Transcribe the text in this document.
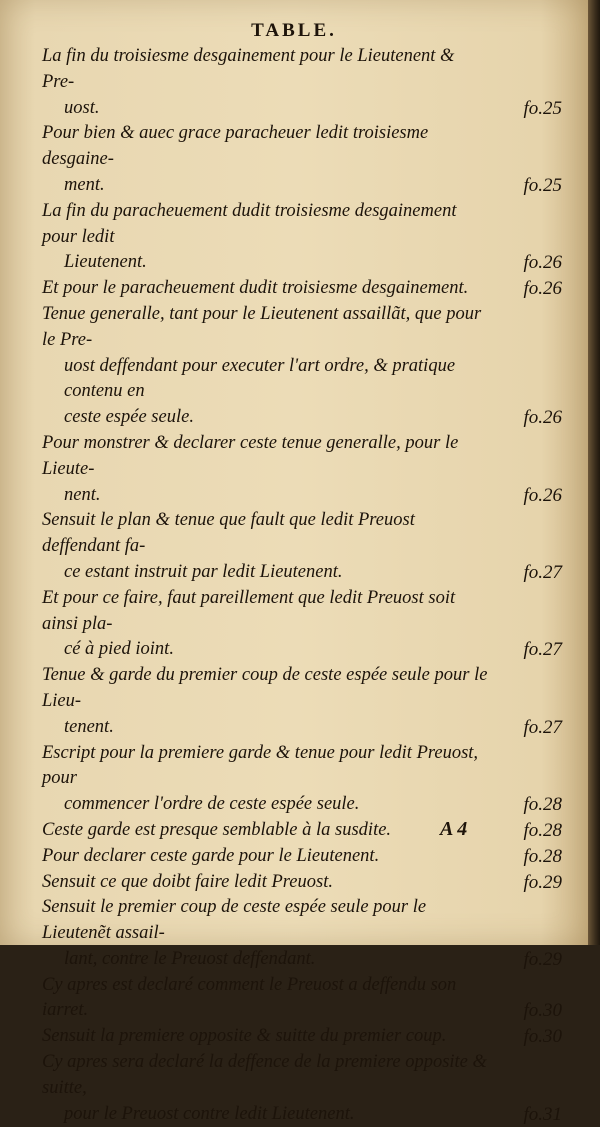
TABLE.
La fin du troisiesme desgainement pour le Lieutenent & Pre-
uost.	fo.25
Pour bien & auec grace paracheuer ledit troisiesme desgaine-
ment.	fo.25
La fin du paracheuement dudit troisiesme desgainement pour ledit
Lieutenent.	fo.26
Et pour le paracheuement dudit troisiesme desgainement.	fo.26
Tenue generalle, tant pour le Lieutenent assaillãt, que pour le Pre-
uost deffendant pour executer l'art ordre, & pratique contenu en
ceste espée seule.	fo.26
Pour monstrer & declarer ceste tenue generalle, pour le Lieute-
nent.	fo.26
Sensuit le plan & tenue que fault que ledit Preuost deffendant fa-
ce estant instruit par ledit Lieutenent.	fo.27
Et pour ce faire, faut pareillement que ledit Preuost soit ainsi pla-
cé à pied ioint.	fo.27
Tenue & garde du premier coup de ceste espée seule pour le Lieu-
tenent.	fo.27
Escript pour la premiere garde & tenue pour ledit Preuost, pour
commencer l'ordre de ceste espée seule.	fo.28
Ceste garde est presque semblable à la susdite.	fo.28
Pour declarer ceste garde pour le Lieutenent.	fo.28
Sensuit ce que doibt faire ledit Preuost.	fo.29
Sensuit le premier coup de ceste espée seule pour le Lieutenẽt assail-
lant, contre le Preuost deffendant.	fo.29
Cy apres est declaré comment le Preuost a deffendu son iarret.	fo.30
Sensuit la premiere opposite & suitte du premier coup.	fo.30
Cy apres sera declaré la deffence de la premiere opposite & suitte,
pour le Preuost contre ledit Lieutenent.	fo.31
A 4
